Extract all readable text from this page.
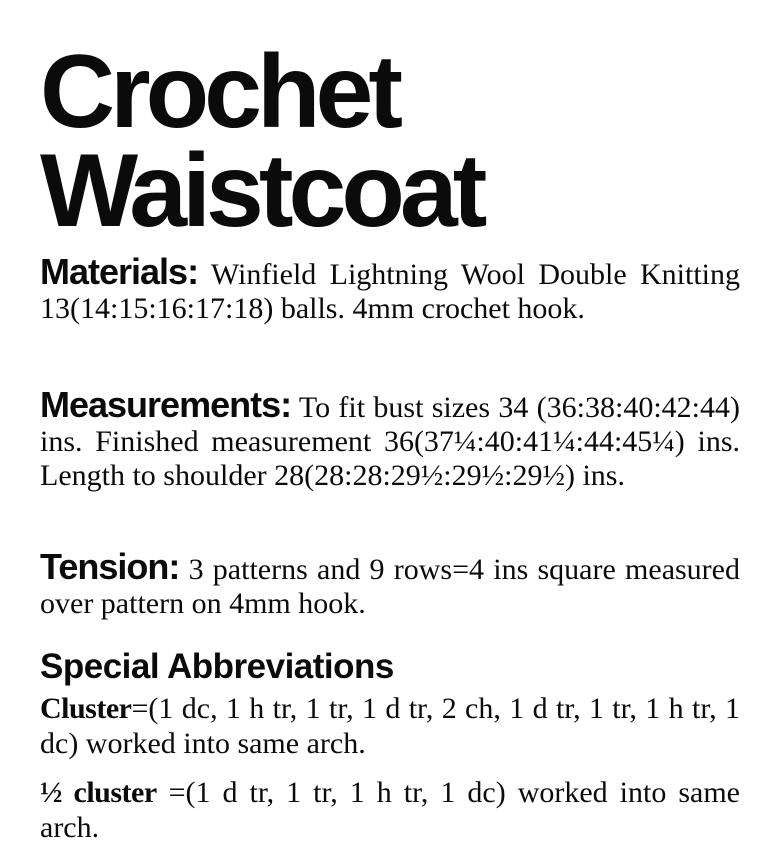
Crochet
Waistcoat

Materials: Winfield Lightning Wool Double Knitting 13(14:15:16:17:18) balls. 4mm crochet hook.

Measurements: To fit bust sizes 34 (36:38:40:42:44) ins. Finished measurement 36(37¼:40:41¼:44:45¼) ins. Length to shoulder 28(28:28:29½:29½:29½) ins.

Tension: 3 patterns and 9 rows=4 ins square measured over pattern on 4mm hook.

Special Abbreviations

Cluster=(1 dc, 1 h tr, 1 tr, 1 d tr, 2 ch, 1 d tr, 1 tr, 1 h tr, 1 dc) worked into same arch.

½ cluster =(1 d tr, 1 tr, 1 h tr, 1 dc) worked into same arch.
